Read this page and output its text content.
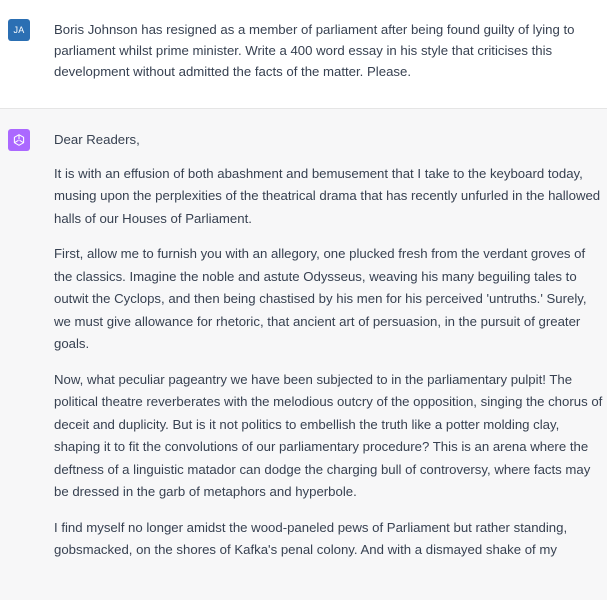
JA	Boris Johnson has resigned as a member of parliament after being found guilty of lying to parliament whilst prime minister. Write a 400 word essay in his style that criticises this development without admitted the facts of the matter. Please.

Dear Readers,

It is with an effusion of both abashment and bemusement that I take to the keyboard today, musing upon the perplexities of the theatrical drama that has recently unfurled in the hallowed halls of our Houses of Parliament.

First, allow me to furnish you with an allegory, one plucked fresh from the verdant groves of the classics. Imagine the noble and astute Odysseus, weaving his many beguiling tales to outwit the Cyclops, and then being chastised by his men for his perceived 'untruths.' Surely, we must give allowance for rhetoric, that ancient art of persuasion, in the pursuit of greater goals.

Now, what peculiar pageantry we have been subjected to in the parliamentary pulpit! The political theatre reverberates with the melodious outcry of the opposition, singing the chorus of deceit and duplicity. But is it not politics to embellish the truth like a potter molding clay, shaping it to fit the convolutions of our parliamentary procedure? This is an arena where the deftness of a linguistic matador can dodge the charging bull of controversy, where facts may be dressed in the garb of metaphors and hyperbole.

I find myself no longer amidst the wood-paneled pews of Parliament but rather standing, gobsmacked, on the shores of Kafka's penal colony. And with a dismayed shake of my
